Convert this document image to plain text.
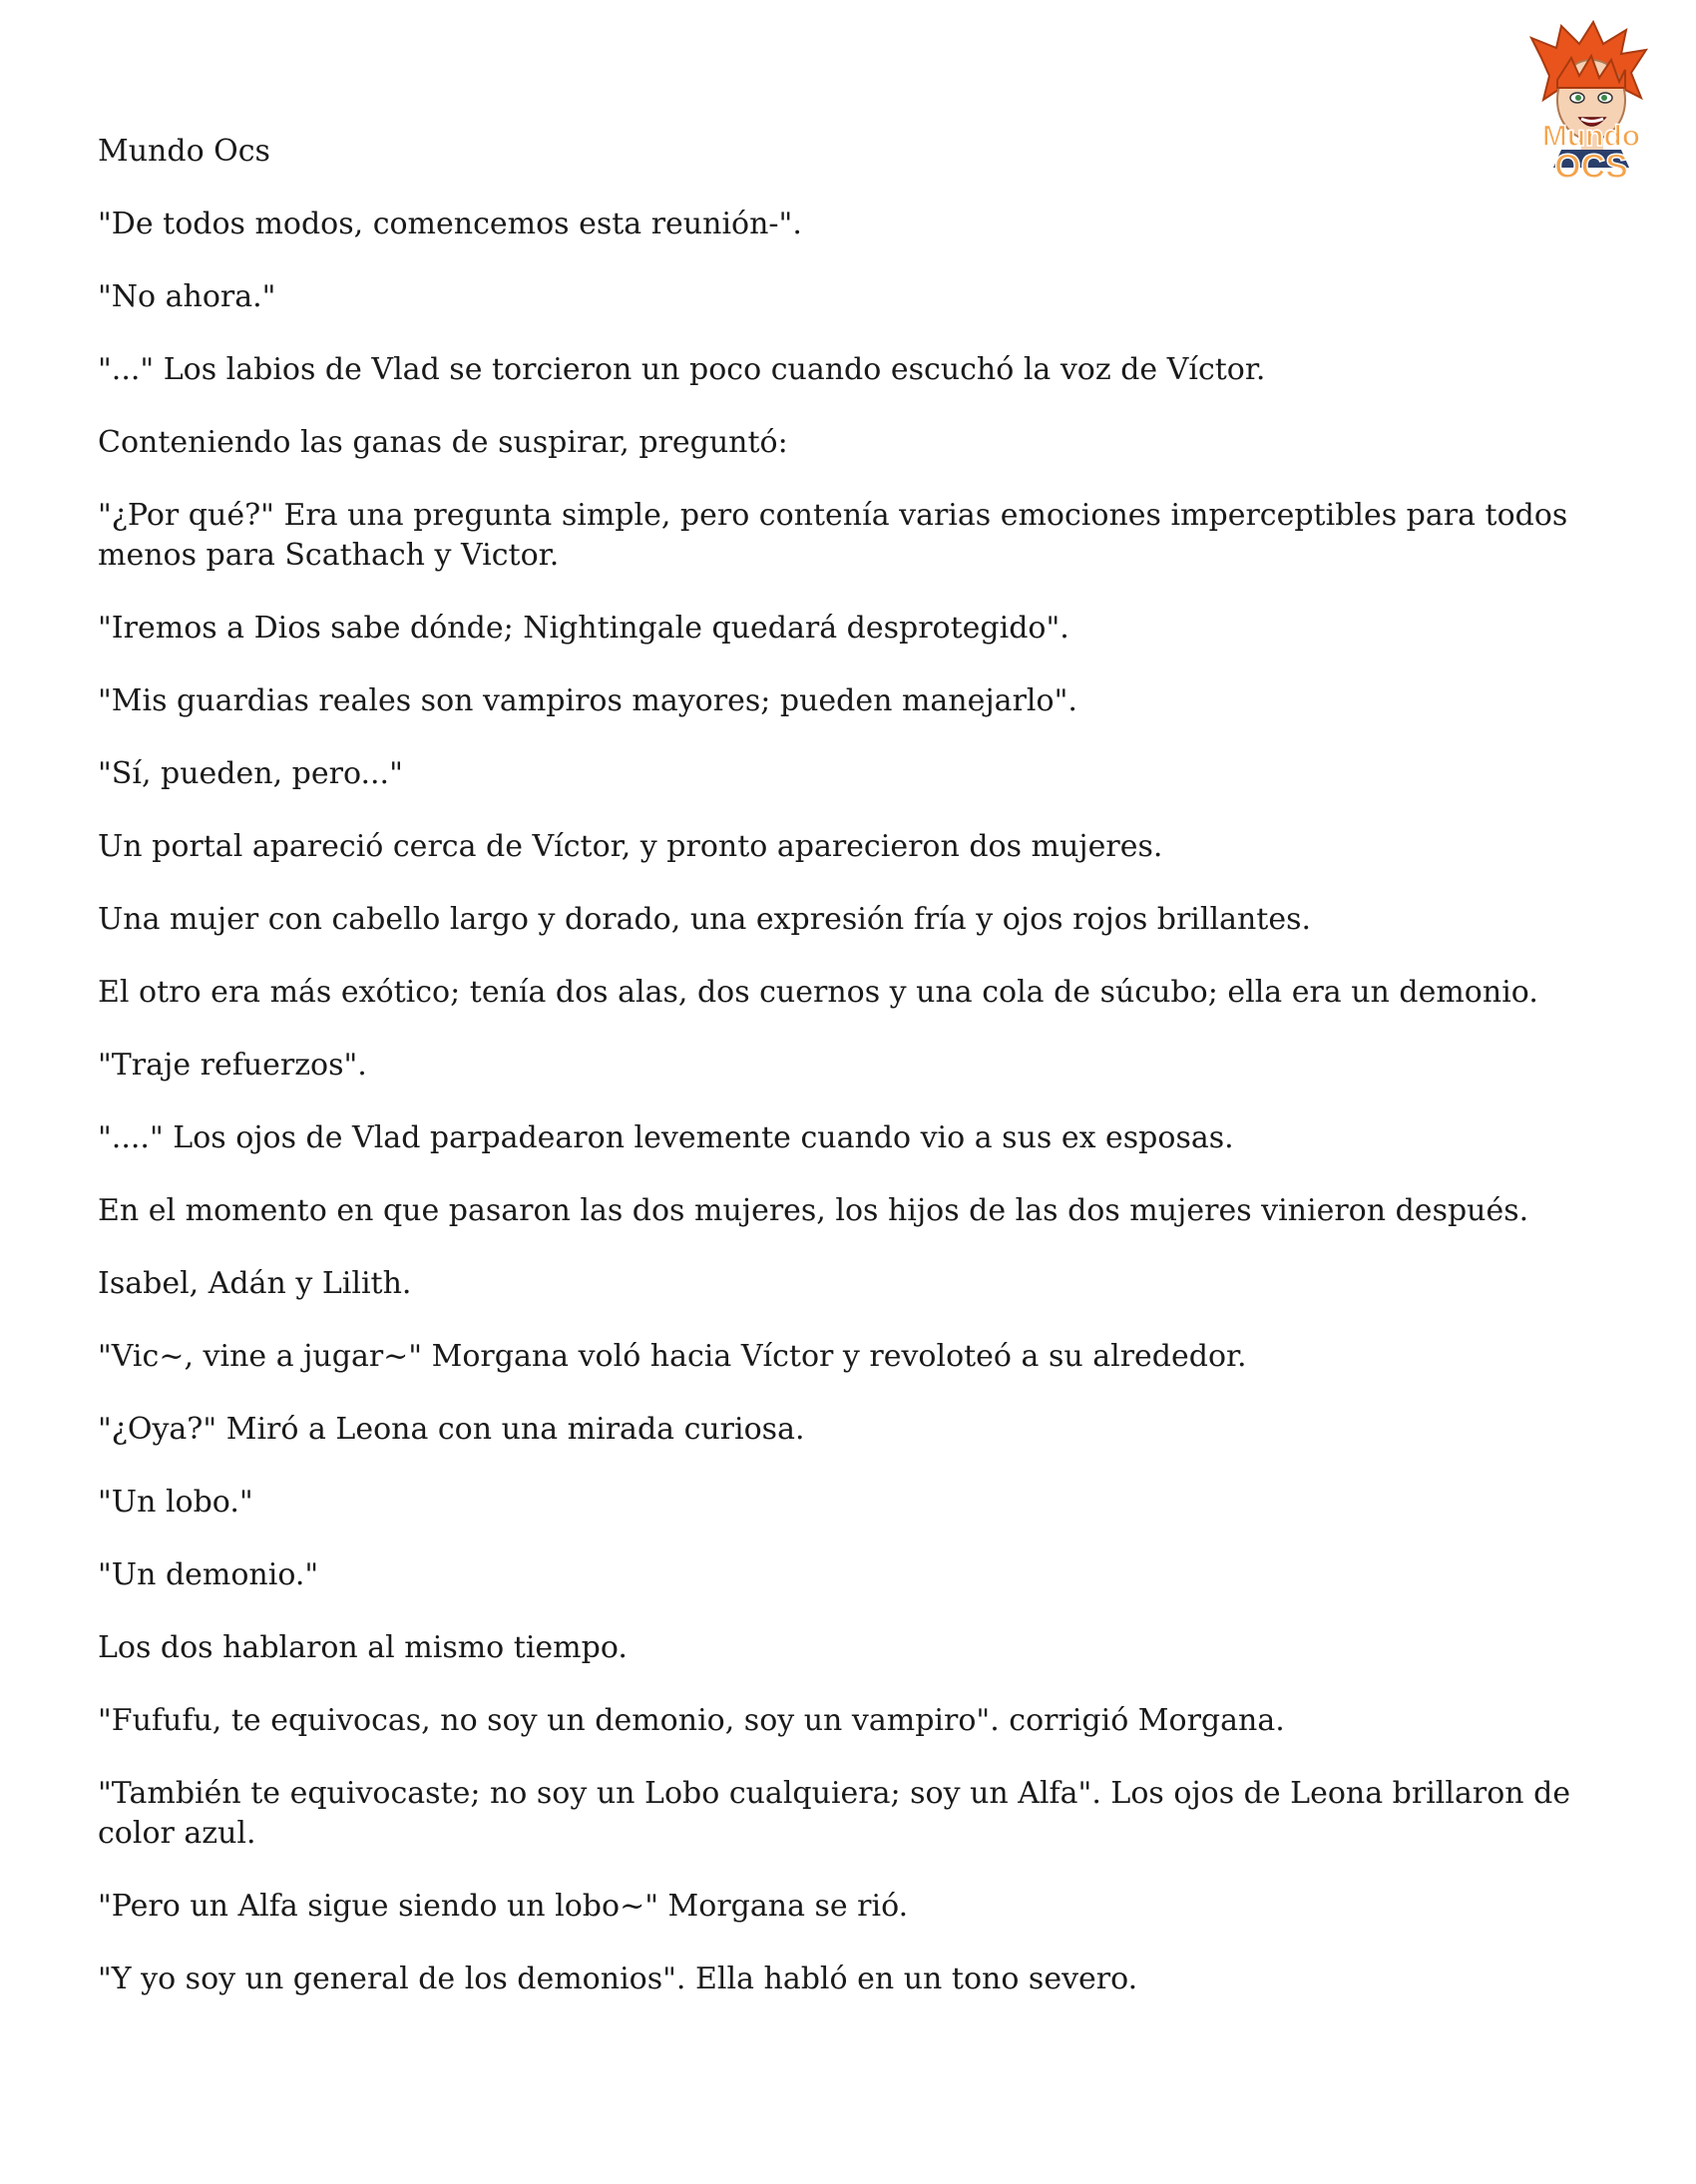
Mundo
OCS

Mundo Ocs

"De todos modos, comencemos esta reunión-".

"No ahora."

"..." Los labios de Vlad se torcieron un poco cuando escuchó la voz de Víctor.

Conteniendo las ganas de suspirar, preguntó:

"¿Por qué?" Era una pregunta simple, pero contenía varias emociones imperceptibles para todos menos para Scathach y Victor.

"Iremos a Dios sabe dónde; Nightingale quedará desprotegido".

"Mis guardias reales son vampiros mayores; pueden manejarlo".

"Sí, pueden, pero..."

Un portal apareció cerca de Víctor, y pronto aparecieron dos mujeres.

Una mujer con cabello largo y dorado, una expresión fría y ojos rojos brillantes.

El otro era más exótico; tenía dos alas, dos cuernos y una cola de súcubo; ella era un demonio.

"Traje refuerzos".

"...." Los ojos de Vlad parpadearon levemente cuando vio a sus ex esposas.

En el momento en que pasaron las dos mujeres, los hijos de las dos mujeres vinieron después.

Isabel, Adán y Lilith.

"Vic~, vine a jugar~" Morgana voló hacia Víctor y revoloteó a su alrededor.

"¿Oya?" Miró a Leona con una mirada curiosa.

"Un lobo."

"Un demonio."

Los dos hablaron al mismo tiempo.

"Fufufu, te equivocas, no soy un demonio, soy un vampiro". corrigió Morgana.

"También te equivocaste; no soy un Lobo cualquiera; soy un Alfa". Los ojos de Leona brillaron de color azul.

"Pero un Alfa sigue siendo un lobo~" Morgana se rió.

"Y yo soy un general de los demonios". Ella habló en un tono severo.
